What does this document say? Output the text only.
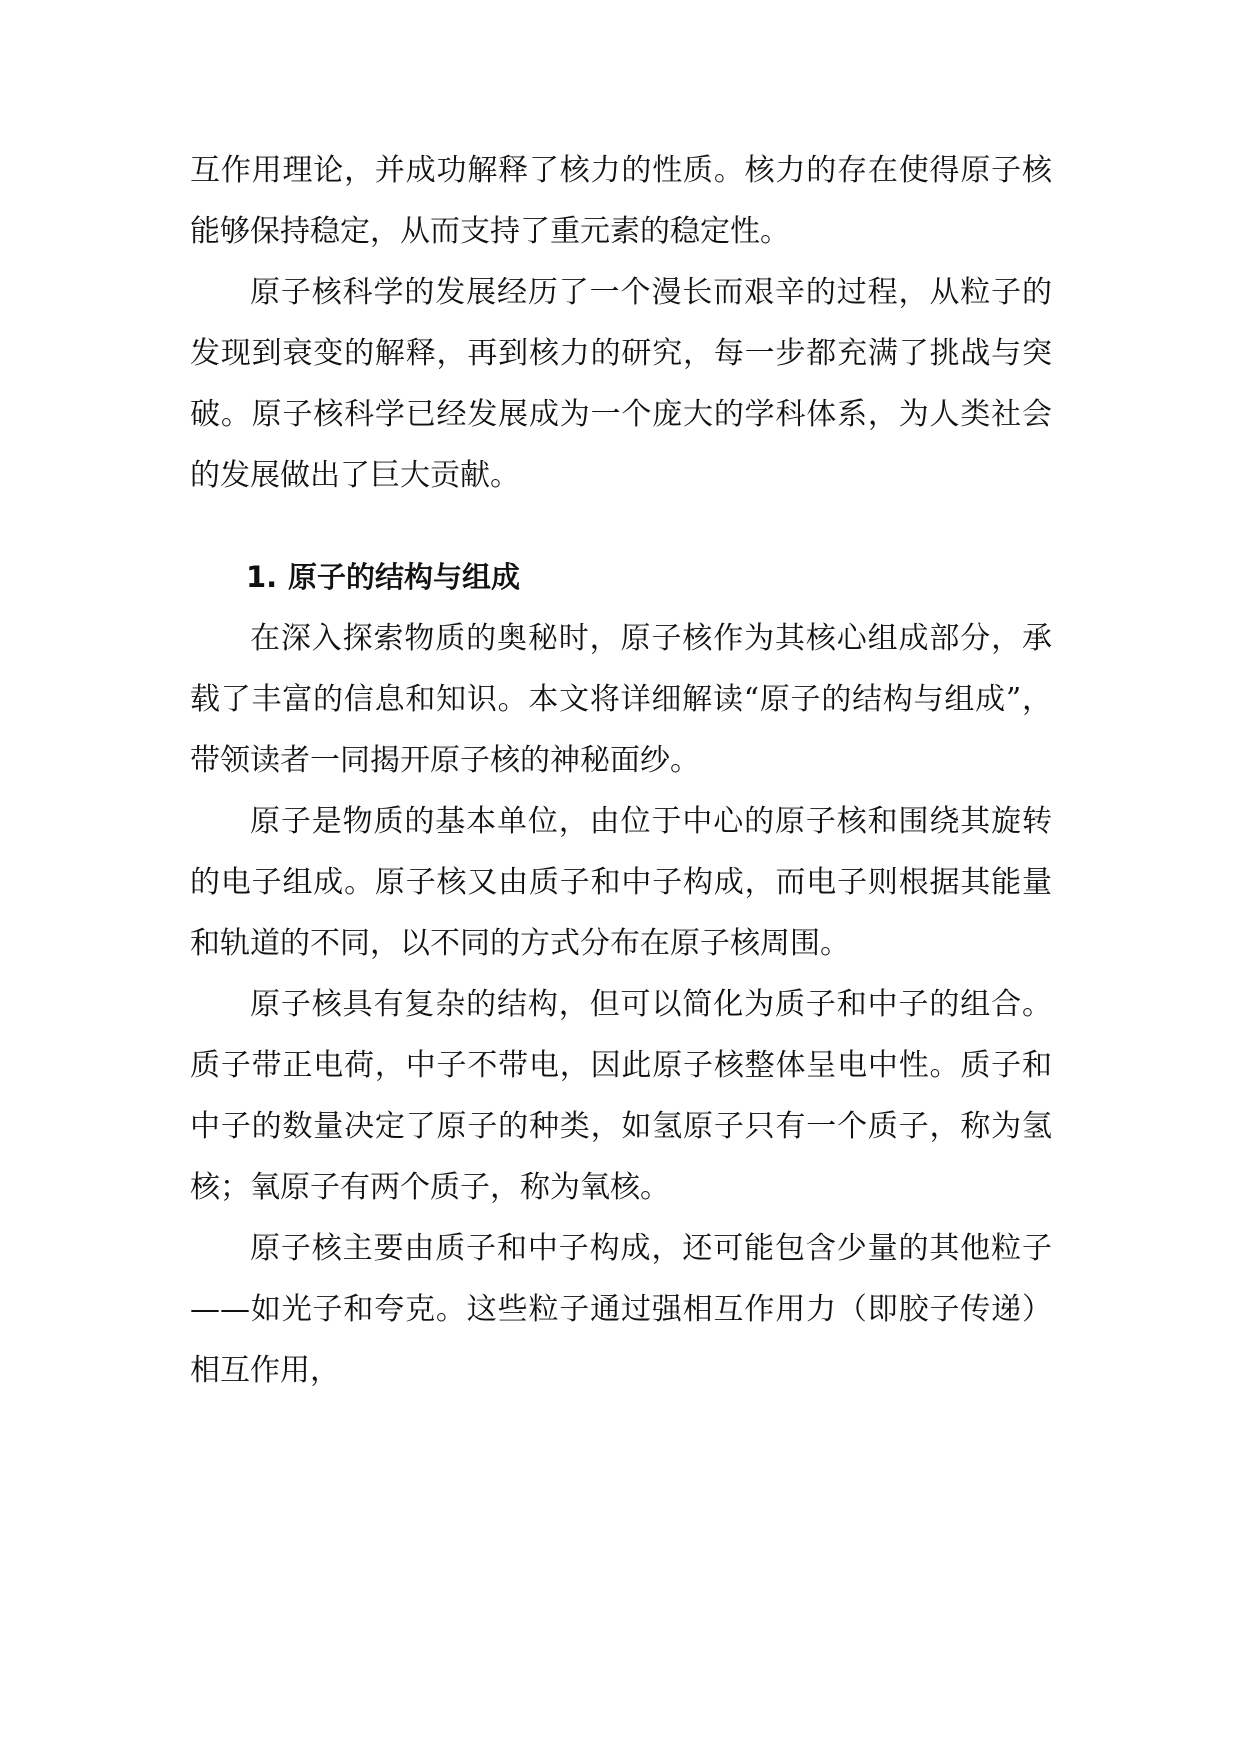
互作用理论，并成功解释了核力的性质。核力的存在使得原子核能够保持稳定，从而支持了重元素的稳定性。

原子核科学的发展经历了一个漫长而艰辛的过程，从粒子的发现到衰变的解释，再到核力的研究，每一步都充满了挑战与突破。原子核科学已经发展成为一个庞大的学科体系，为人类社会的发展做出了巨大贡献。

1. 原子的结构与组成

在深入探索物质的奥秘时，原子核作为其核心组成部分，承载了丰富的信息和知识。本文将详细解读“原子的结构与组成”，带领读者一同揭开原子核的神秘面纱。

原子是物质的基本单位，由位于中心的原子核和围绕其旋转的电子组成。原子核又由质子和中子构成，而电子则根据其能量和轨道的不同，以不同的方式分布在原子核周围。

原子核具有复杂的结构，但可以简化为质子和中子的组合。质子带正电荷，中子不带电，因此原子核整体呈电中性。质子和中子的数量决定了原子的种类，如氢原子只有一个质子，称为氢核；氧原子有两个质子，称为氧核。

原子核主要由质子和中子构成，还可能包含少量的其他粒子——如光子和夸克。这些粒子通过强相互作用力（即胶子传递）相互作用，
